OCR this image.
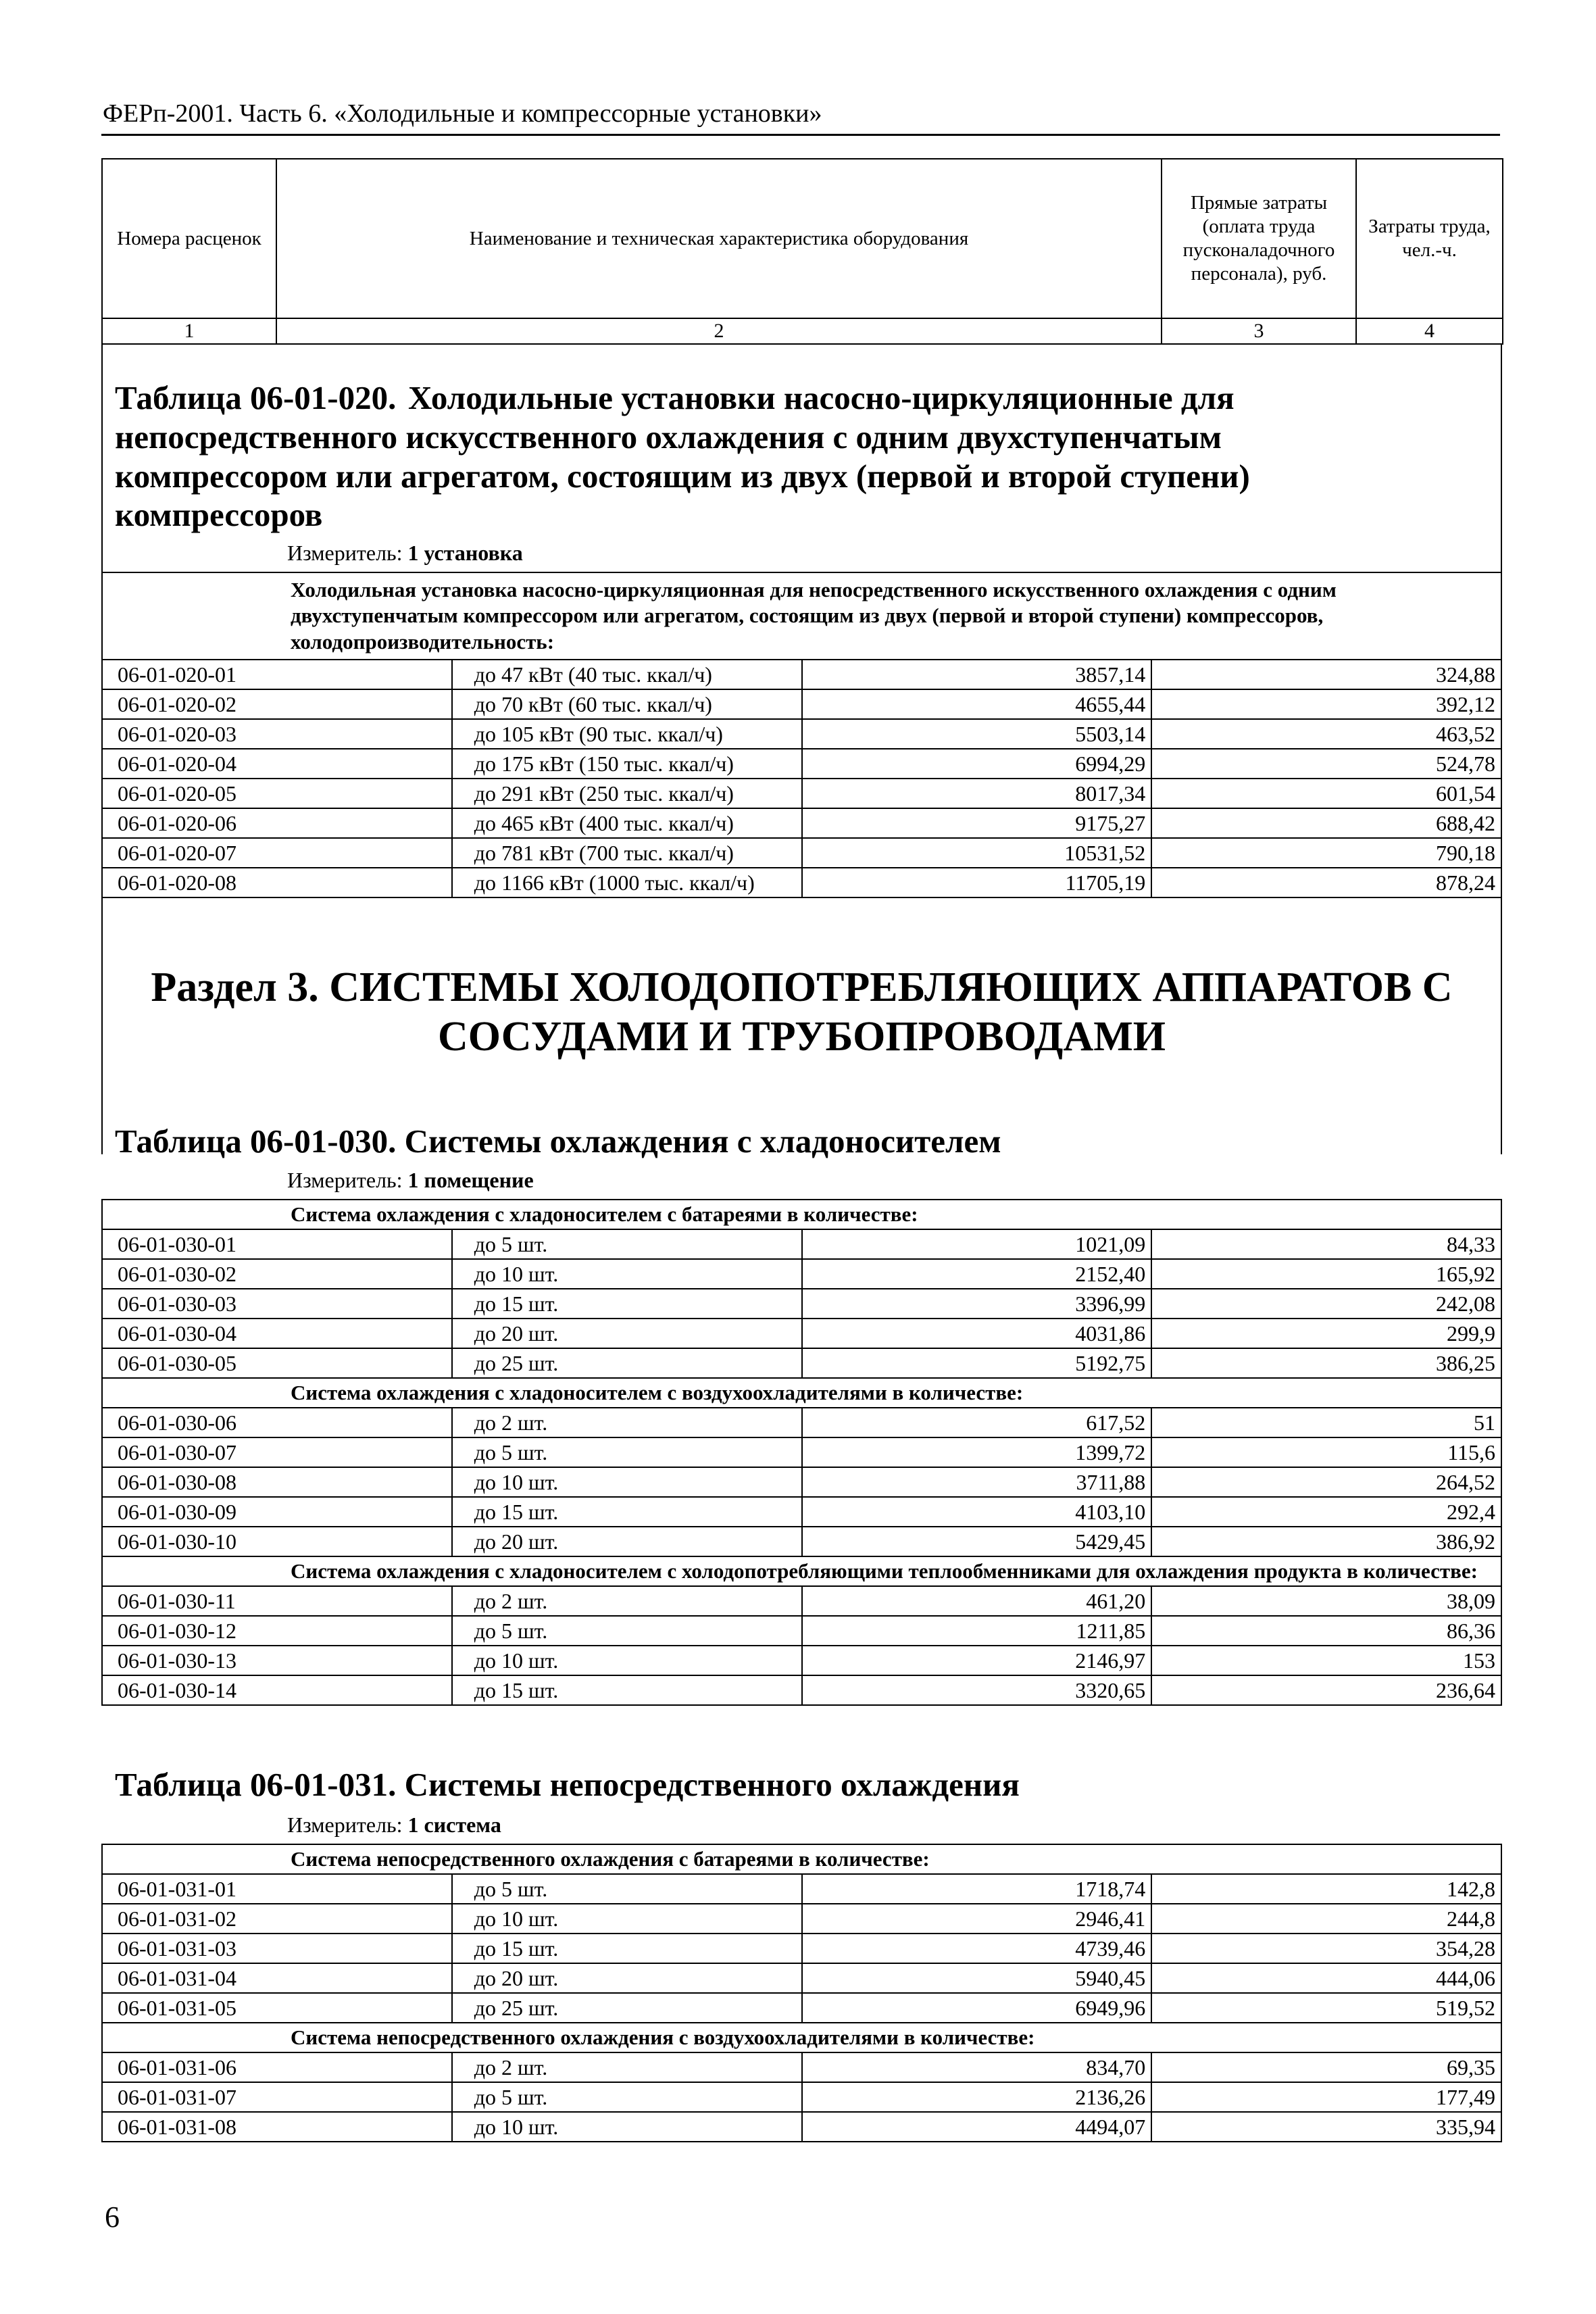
ФЕРп-2001. Часть 6. «Холодильные и компрессорные установки»
Номера расценок	Наименование и техническая характеристика оборудования	Прямые затраты (оплата труда пусконаладочного персонала), руб.	Затраты труда, чел.-ч.
1	2	3	4
Таблица 06-01-020. Холодильные установки насосно-циркуляционные для непосредственного искусственного охлаждения с одним двухступенчатым компрессором или агрегатом, состоящим из двух (первой и второй ступени) компрессоров
Измеритель: 1 установка
Холодильная установка насосно-циркуляционная для непосредственного искусственного охлаждения с одним двухступенчатым компрессором или агрегатом, состоящим из двух (первой и второй ступени) компрессоров, холодопроизводительность:			
06-01-020-01	до 47 кВт (40 тыс. ккал/ч)	3857,14	324,88
06-01-020-02	до 70 кВт (60 тыс. ккал/ч)	4655,44	392,12
06-01-020-03	до 105 кВт (90 тыс. ккал/ч)	5503,14	463,52
06-01-020-04	до 175 кВт (150 тыс. ккал/ч)	6994,29	524,78
06-01-020-05	до 291 кВт (250 тыс. ккал/ч)	8017,34	601,54
06-01-020-06	до 465 кВт (400 тыс. ккал/ч)	9175,27	688,42
06-01-020-07	до 781 кВт (700 тыс. ккал/ч)	10531,52	790,18
06-01-020-08	до 1166 кВт (1000 тыс. ккал/ч)	11705,19	878,24
Раздел 3. СИСТЕМЫ ХОЛОДОПОТРЕБЛЯЮЩИХ АППАРАТОВ С
СОСУДАМИ И ТРУБОПРОВОДАМИ
Таблица 06-01-030. Системы охлаждения с хладоносителем
Измеритель: 1 помещение
Система охлаждения с хладоносителем с батареями в количестве:			
06-01-030-01	до 5 шт.	1021,09	84,33
06-01-030-02	до 10 шт.	2152,40	165,92
06-01-030-03	до 15 шт.	3396,99	242,08
06-01-030-04	до 20 шт.	4031,86	299,9
06-01-030-05	до 25 шт.	5192,75	386,25
Система охлаждения с хладоносителем с воздухоохладителями в количестве:			
06-01-030-06	до 2 шт.	617,52	51
06-01-030-07	до 5 шт.	1399,72	115,6
06-01-030-08	до 10 шт.	3711,88	264,52
06-01-030-09	до 15 шт.	4103,10	292,4
06-01-030-10	до 20 шт.	5429,45	386,92
Система охлаждения с хладоносителем с холодопотребляющими теплообменниками для охлаждения продукта в количестве:			
06-01-030-11	до 2 шт.	461,20	38,09
06-01-030-12	до 5 шт.	1211,85	86,36
06-01-030-13	до 10 шт.	2146,97	153
06-01-030-14	до 15 шт.	3320,65	236,64
Таблица 06-01-031. Системы непосредственного охлаждения
Измеритель: 1 система
Система непосредственного охлаждения с батареями в количестве:			
06-01-031-01	до 5 шт.	1718,74	142,8
06-01-031-02	до 10 шт.	2946,41	244,8
06-01-031-03	до 15 шт.	4739,46	354,28
06-01-031-04	до 20 шт.	5940,45	444,06
06-01-031-05	до 25 шт.	6949,96	519,52
Система непосредственного охлаждения с воздухоохладителями в количестве:			
06-01-031-06	до 2 шт.	834,70	69,35
06-01-031-07	до 5 шт.	2136,26	177,49
06-01-031-08	до 10 шт.	4494,07	335,94
6
